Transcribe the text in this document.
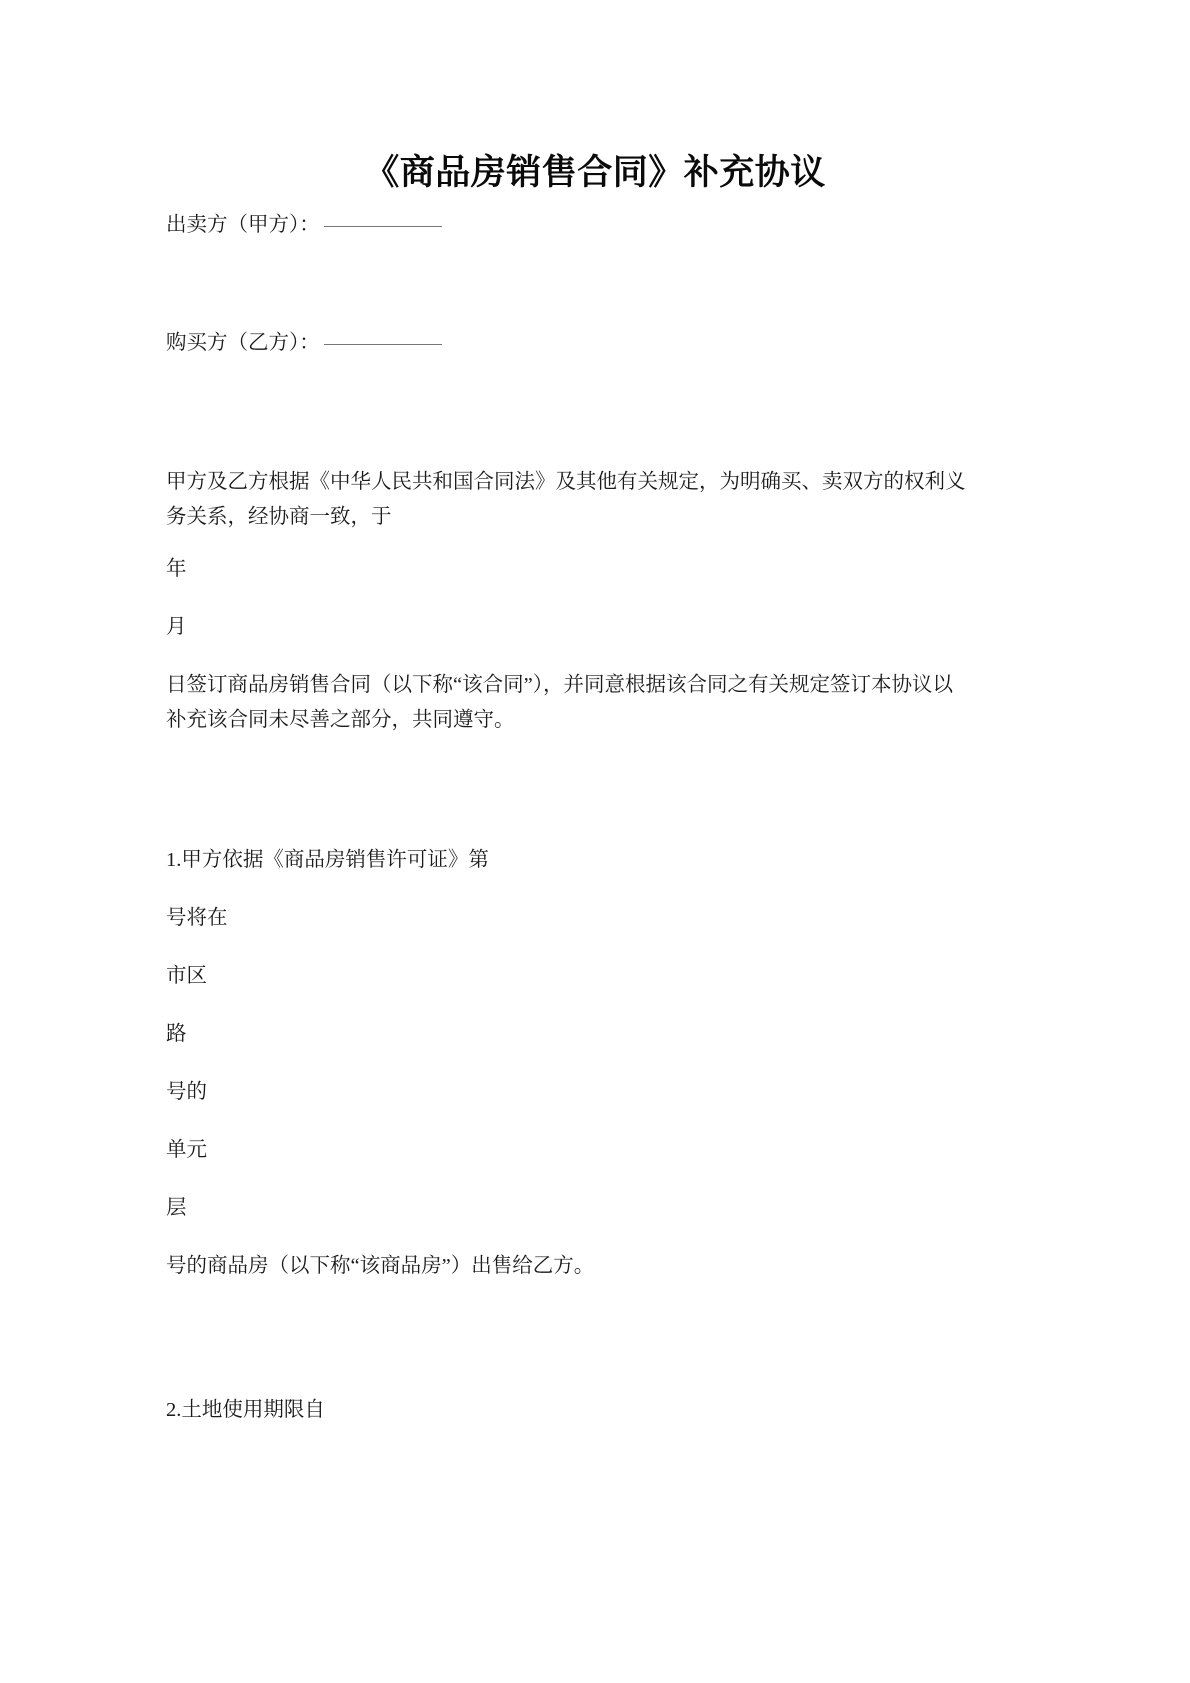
《商品房销售合同》补充协议

出卖方（甲方）：

购买方（乙方）：

甲方及乙方根据《中华人民共和国合同法》及其他有关规定，为明确买、卖双方的权利义务关系，经协商一致，于

年

月

日签订商品房销售合同（以下称“该合同”），并同意根据该合同之有关规定签订本协议以补充该合同未尽善之部分，共同遵守。

1.甲方依据《商品房销售许可证》第

号将在

市区

路

号的

单元

层

号的商品房（以下称“该商品房”）出售给乙方。

2.土地使用期限自
